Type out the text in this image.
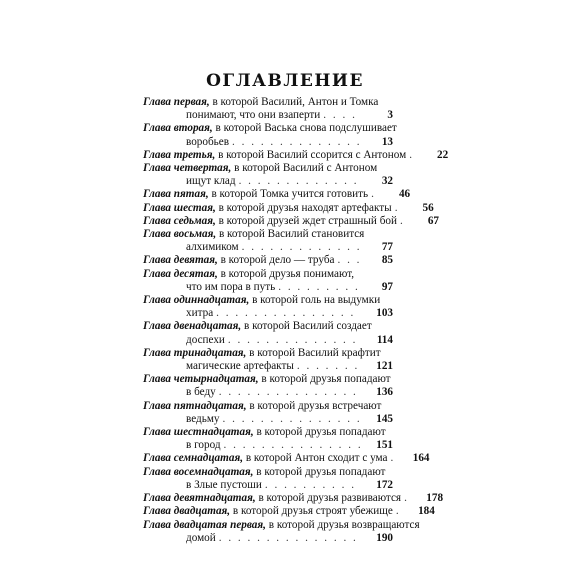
ОГЛАВЛЕНИЕ
Глава первая,
в которой Василий, Антон и Томка
понимают, что они взаперти . . .	3
Глава вторая,
в которой Васька снова подслушивает
воробьев . . .	13
Глава третья,
в которой Василий ссорится с Антоном . . .	22
Глава четвертая,
в которой Василий с Антоном
ищут клад . . .	32
Глава пятая,
в которой Томка учится готовить . . .	46
Глава шестая,
в которой друзья находят артефакты . . .	56
Глава седьмая,
в которой друзей ждет страшный бой . . .	67
Глава восьмая,
в которой Василий становится
алхимиком . . .	77
Глава девятая,
в которой дело — труба . . .	85
Глава десятая,
в которой друзья понимают,
что им пора в путь . . .	97
Глава одиннадцатая,
в которой голь на выдумки
хитра . . .	103
Глава двенадцатая,
в которой Василий создает
доспехи . . .	114
Глава тринадцатая,
в которой Василий крафтит
магические артефакты . . .	121
Глава четырнадцатая,
в которой друзья попадают
в беду . . .	136
Глава пятнадцатая,
в которой друзья встречают
ведьму . . .	145
Глава шестнадцатая,
в которой друзья попадают
в город . . .	151
Глава семнадцатая,
в которой Антон сходит с ума . . .	164
Глава восемнадцатая,
в которой друзья попадают
в Злые пустоши . . .	172
Глава девятнадцатая,
в которой друзья развиваются . . .	178
Глава двадцатая,
в которой друзья строят убежище . . .	184
Глава двадцатая первая,
в которой друзья возвращаются
домой . . .	190
